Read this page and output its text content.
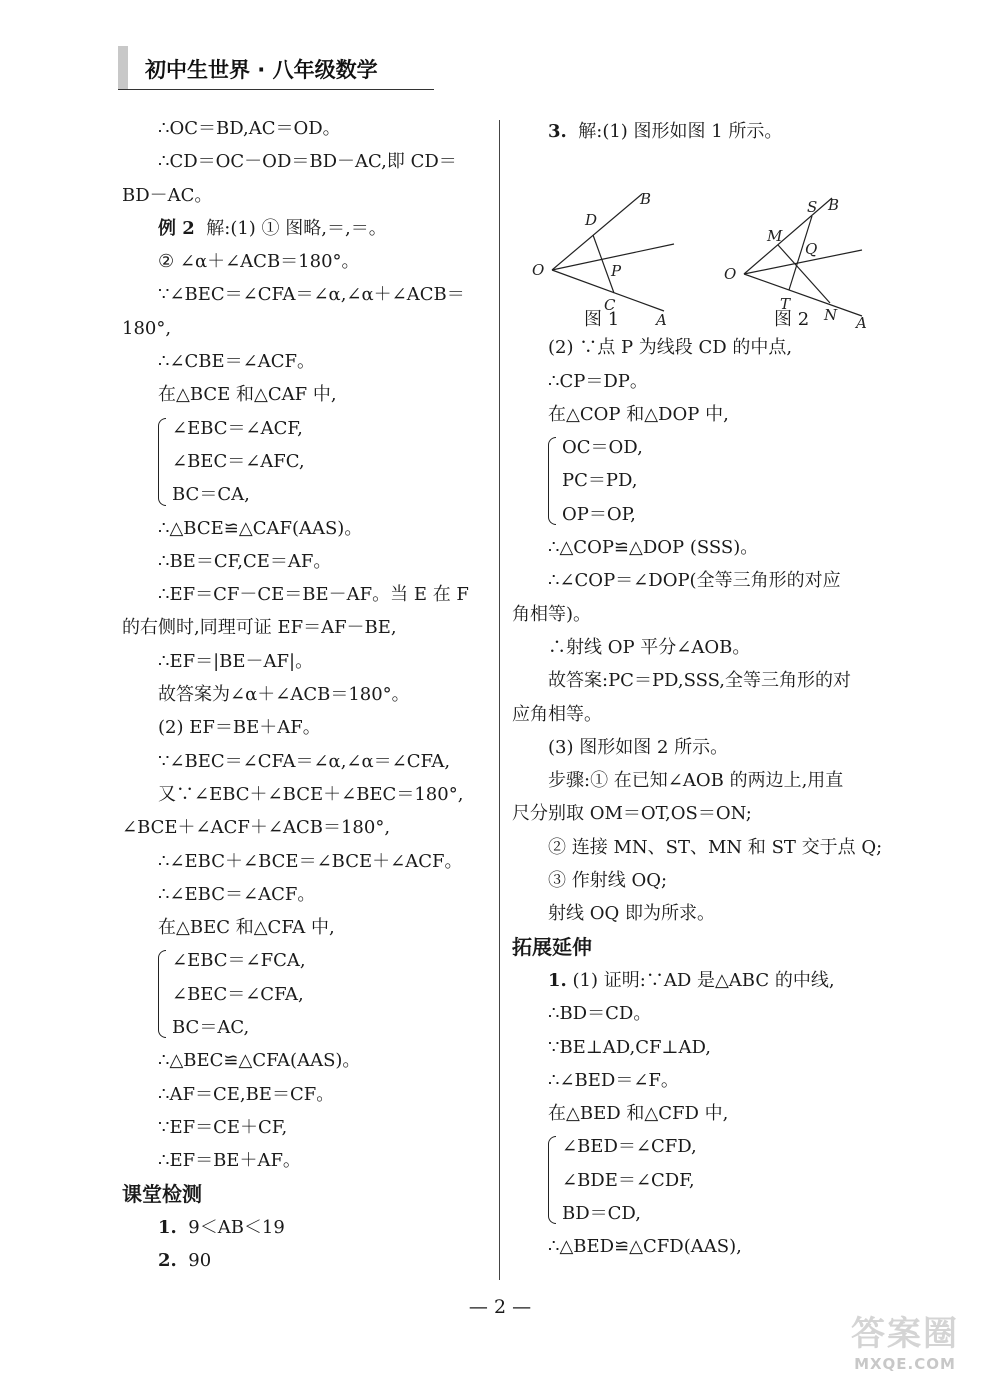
初中生世界 · 八年级数学
∴OC＝BD,AC＝OD。
∴CD＝OC－OD＝BD－AC,即 CD＝
BD－AC。
例 2 解:(1) ① 图略,＝,＝。
② ∠α＋∠ACB＝180°。
∵∠BEC＝∠CFA＝∠α,∠α＋∠ACB＝
180°,
∴∠CBE＝∠ACF。
在△BCE 和△CAF 中,
∠EBC＝∠ACF,
∠BEC＝∠AFC,
BC＝CA,
∴△BCE≌△CAF(AAS)。
∴BE＝CF,CE＝AF。
∴EF＝CF－CE＝BE－AF。当 E 在 F
的右侧时,同理可证 EF＝AF－BE,
∴EF＝|BE－AF|。
故答案为∠α＋∠ACB＝180°。
(2) EF＝BE＋AF。
∵∠BEC＝∠CFA＝∠α,∠α＝∠CFA,
又∵∠EBC＋∠BCE＋∠BEC＝180°,
∠BCE＋∠ACF＋∠ACB＝180°,
∴∠EBC＋∠BCE＝∠BCE＋∠ACF。
∴∠EBC＝∠ACF。
在△BEC 和△CFA 中,
∠EBC＝∠FCA,
∠BEC＝∠CFA,
BC＝AC,
∴△BEC≌△CFA(AAS)。
∴AF＝CE,BE＝CF。
∵EF＝CE＋CF,
∴EF＝BE＋AF。
课堂检测
1. 9＜AB＜19
2. 90
3. 解:(1) 图形如图 1 所示。
B
D
O	P
C
A
S B
M
Q
O
T
N A
图 1	图 2
(2) ∵点 P 为线段 CD 的中点,
∴CP＝DP。
在△COP 和△DOP 中,
OC＝OD,
PC＝PD,
OP＝OP,
∴△COP≌△DOP (SSS)。
∴∠COP＝∠DOP(全等三角形的对应
角相等)。
∴射线 OP 平分∠AOB。
故答案:PC＝PD,SSS,全等三角形的对
应角相等。
(3) 图形如图 2 所示。
步骤:① 在已知∠AOB 的两边上,用直
尺分别取 OM＝OT,OS＝ON;
② 连接 MN、ST、MN 和 ST 交于点 Q;
③ 作射线 OQ;
射线 OQ 即为所求。
拓展延伸
1. (1) 证明:∵AD 是△ABC 的中线,
∴BD＝CD。
∵BE⊥AD,CF⊥AD,
∴∠BED＝∠F。
在△BED 和△CFD 中,
∠BED＝∠CFD,
∠BDE＝∠CDF,
BD＝CD,
∴△BED≌△CFD(AAS),
— 2 —
答案圈
MXQE.COM
